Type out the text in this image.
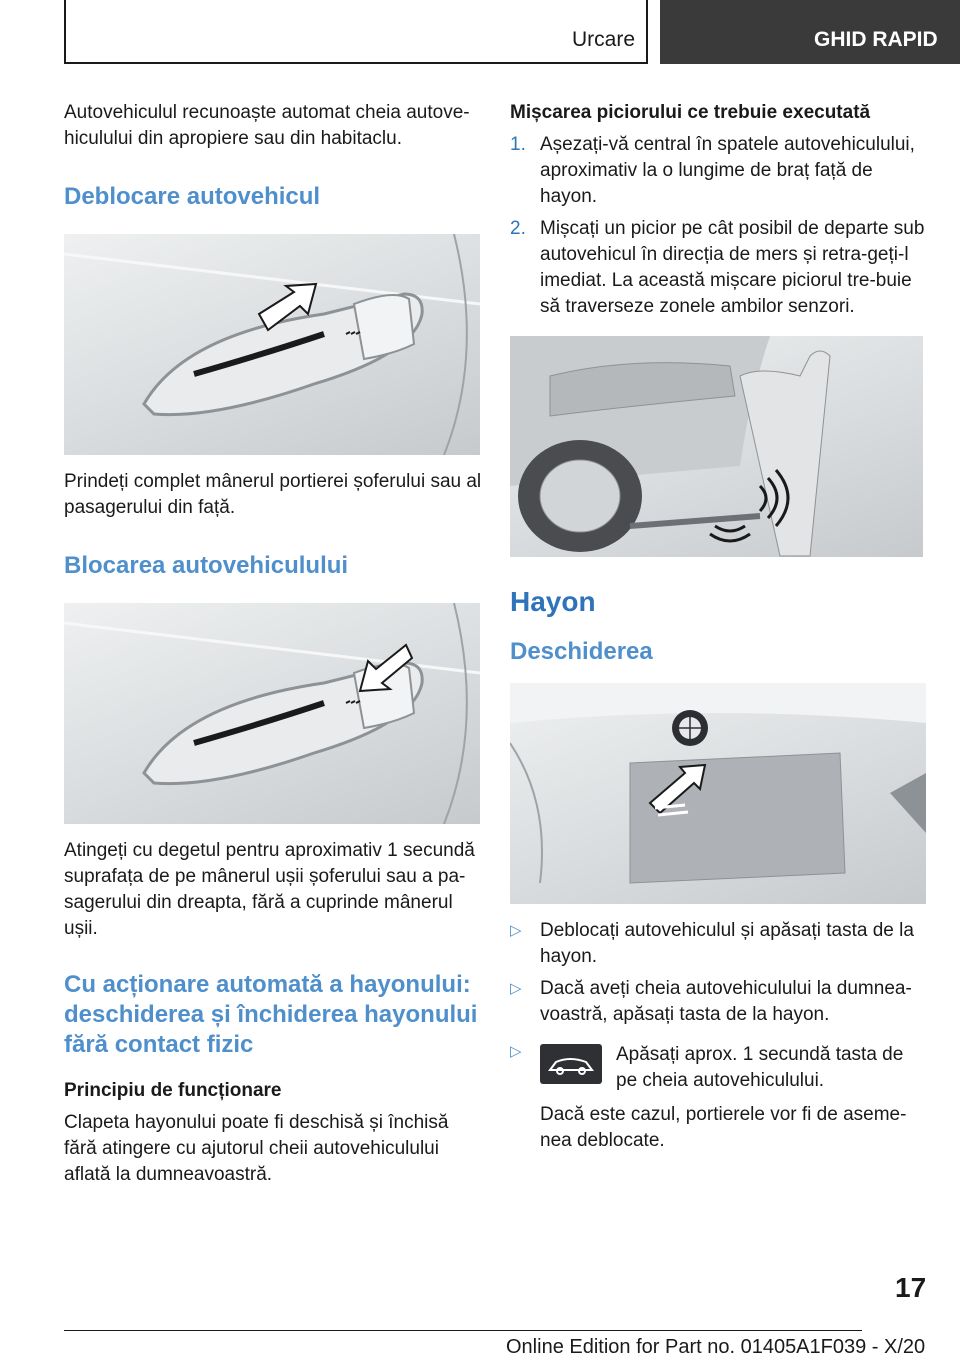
Urcare	GHID RAPID

Autovehiculul recunoaște automat cheia autove-hiculului din apropiere sau din habitaclu.

Deblocare autovehicul

Prindeți complet mânerul portierei șoferului sau al pasagerului din față.

Blocarea autovehiculului

Atingeți cu degetul pentru aproximativ 1 secundă suprafața de pe mânerul ușii șoferului sau a pa-sagerului din dreapta, fără a cuprinde mânerul ușii.

Cu acționare automată a hayonului: deschiderea și închiderea hayonului fără contact fizic
Principiu de funcționare

Clapeta hayonului poate fi deschisă și închisă fără atingere cu ajutorul cheii autovehiculului aflată la dumneavoastră.

Mișcarea piciorului ce trebuie executată
1. Așezați-vă central în spatele autovehiculului, aproximativ la o lungime de braț față de hayon.
2. Mișcați un picior pe cât posibil de departe sub autovehicul în direcția de mers și retra-geți-l imediat. La această mișcare piciorul tre-buie să traverseze zonele ambilor senzori.
Hayon
Deschiderea
▷ Deblocați autovehiculul și apăsați tasta de la hayon.
▷ Dacă aveți cheia autovehiculului la dumnea-voastră, apăsați tasta de la hayon.
▷	Apăsați aprox. 1 secundă tasta de pe cheia autovehiculului.

Dacă este cazul, portierele vor fi de aseme-nea deblocate.

17
Online Edition for Part no. 01405A1F039 - X/20
